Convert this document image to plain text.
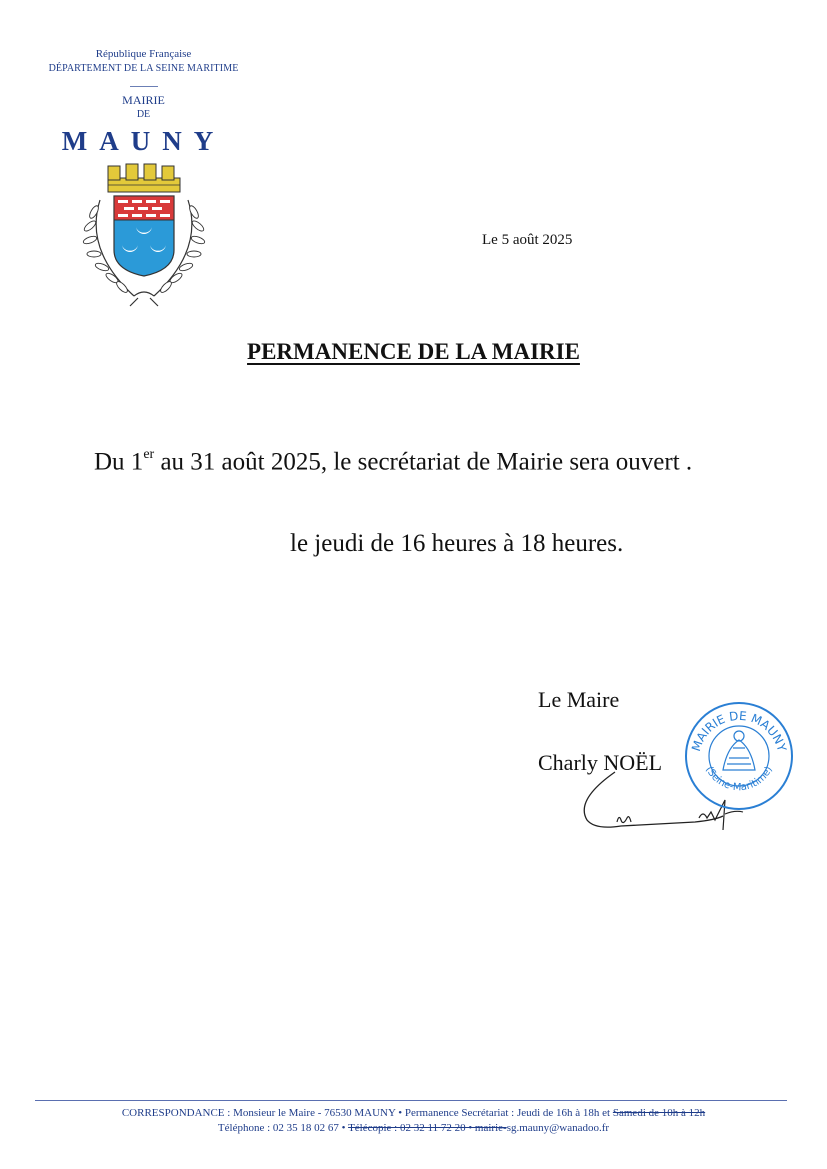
République Française
DÉPARTEMENT DE LA SEINE MARITIME
MAIRIE
DE
MAUNY
Le 5 août 2025
PERMANENCE DE LA MAIRIE
Du 1er au 31 août 2025, le secrétariat de Mairie sera ouvert .
le jeudi de 16 heures à 18 heures.
Le Maire
Charly NOËL
MAIRIE DE MAUNY
(Seine-Maritime)
CORRESPONDANCE : Monsieur le Maire - 76530 MAUNY • Permanence Secrétariat : Jeudi de 16h à 18h et Samedi de 10h à 12h
Téléphone : 02 35 18 02 67 • Télécopie : 02 32 11 72 20 • mairie-sg.mauny@wanadoo.fr
